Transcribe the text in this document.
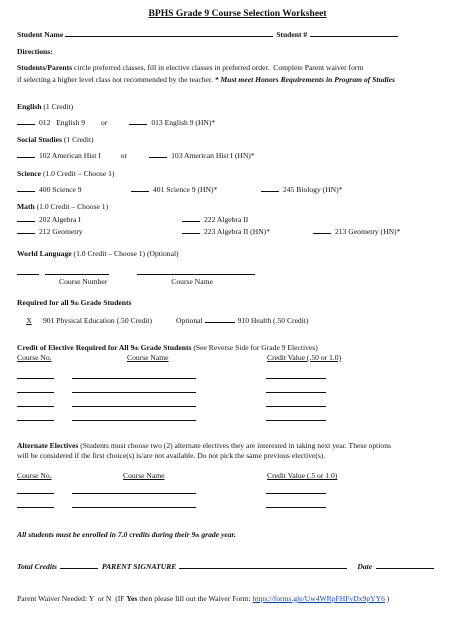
BPHS Grade 9 Course Selection Worksheet
Student Name	Student #
Directions:
Students/Parents circle preferred classes, fill in elective classes in preferred order.  Complete Parent waiver form
if selecting a higher level class not recommended by the teacher. * Must meet Honors Requirements in Program of Studies
English (1 Credit)
012   English 9 or	013 English 9 (HN)*
Social Studies (1 Credit)
102 American Hist I	or	103 American Hist I (HN)*
Science (1.0 Credit – Choose 1)
400 Science 9	401 Science 9 (HN)*	245 Biology (HN)*
Math (1.0 Credit – Choose 1)
202 Algebra I	222 Algebra II
212 Geometry	223 Algebra II (HN)*	213 Geometry (HN)*
World Language (1.0 Credit – Choose 1) (Optional)
Course Number	Course Name
Required for all 9 th Grade Students
X	901 Physical Education (.50 Credit)	Optional	910 Health (.50 Credit)
Credit of Elective Required for All 9 th Grade Students (See Reverse Side for Grade 9 Electives)
Course No.	Course Name	Credit Value (.50 or 1.0)
Alternate Electives (Students must choose two (2) alternate electives they are interested in taking next year. These options
will be considered if the first choice(s) is/are not available. Do not pick the same previous elective(s).
Course No.	Course Name	Credit Value (.5 or 1.0)
All students must be enrolled in 7.0 credits during their 9 th grade year.
Total Credits	PARENT SIGNATURE	Date
Parent Waiver Needed: Y  or N  (IF Yes then please fill out the Waiver Form: https://forms.gle/Uw4WRpFHFvDx9pYY6 )
